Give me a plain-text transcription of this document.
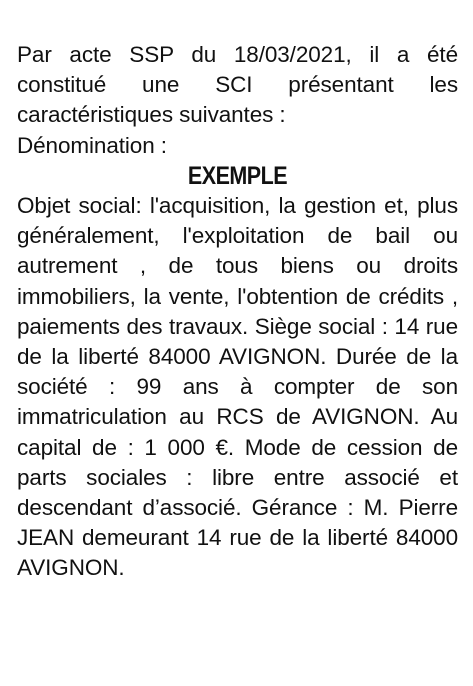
Par acte SSP du 18/03/2021, il a été constitué une SCI présentant les caractéristiques suivantes :

Dénomination :
EXEMPLE

Objet social: l'acquisition, la gestion et, plus généralement, l'exploitation de bail ou autrement , de tous biens ou droits immobiliers, la vente, l'obtention de crédits , paiements des travaux. Siège social : 14 rue de la liberté 84000 AVIGNON. Durée de la société : 99 ans à compter de son immatriculation au RCS de AVIGNON. Au capital de : 1 000 €. Mode de cession de parts sociales : libre entre associé et descendant d’associé. Gérance : M. Pierre JEAN demeurant 14 rue de la liberté 84000 AVIGNON.
